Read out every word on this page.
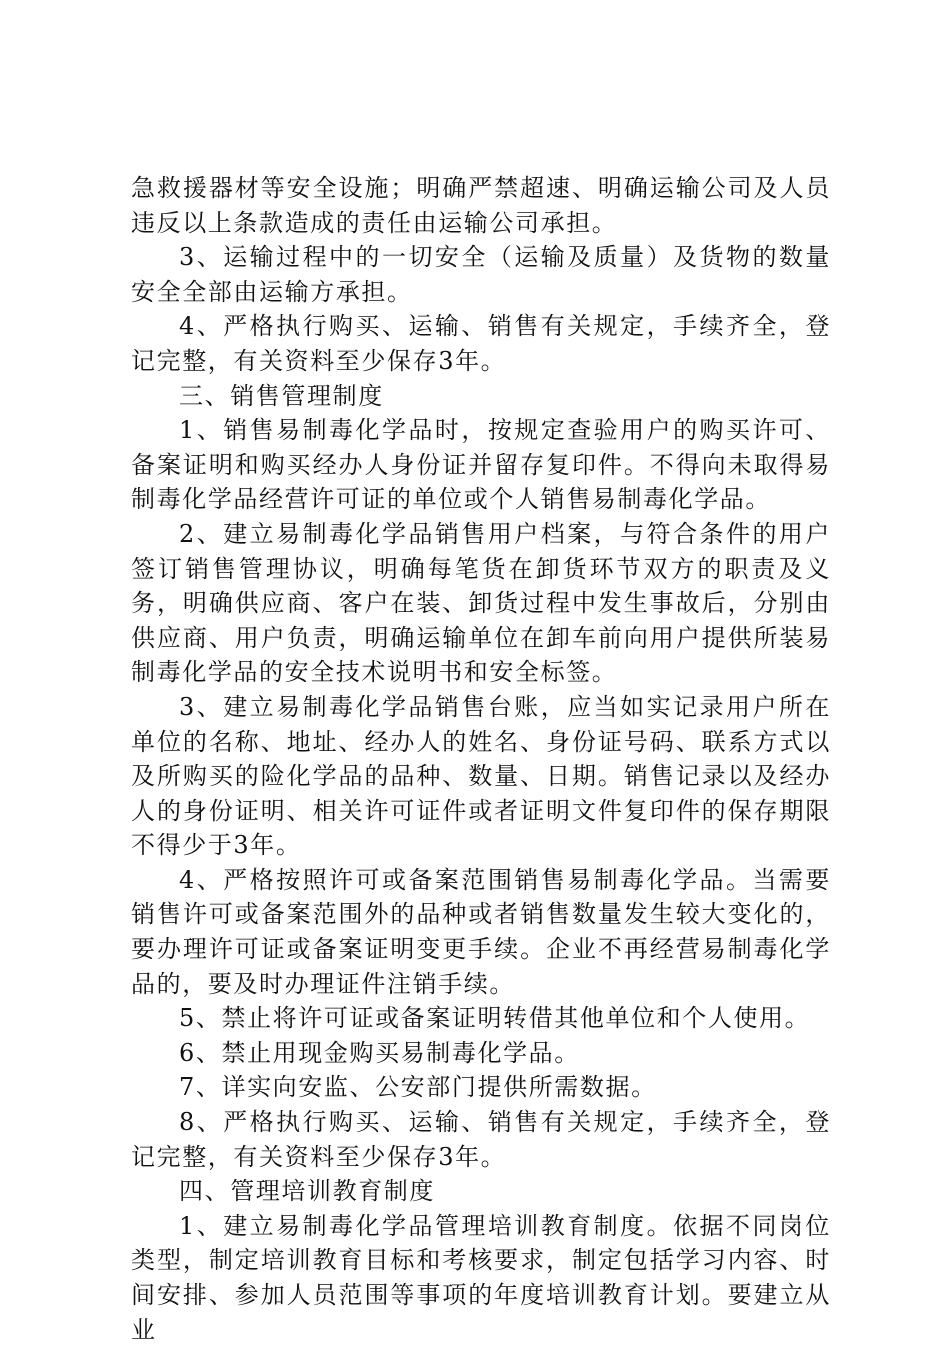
急救援器材等安全设施；明确严禁超速、明确运输公司及人员违反以上条款造成的责任由运输公司承担。

3、运输过程中的一切安全（运输及质量）及货物的数量安全全部由运输方承担。

4、严格执行购买、运输、销售有关规定，手续齐全，登记完整，有关资料至少保存3年。

三、销售管理制度

1、销售易制毒化学品时，按规定查验用户的购买许可、备案证明和购买经办人身份证并留存复印件。不得向未取得易制毒化学品经营许可证的单位或个人销售易制毒化学品。

2、建立易制毒化学品销售用户档案，与符合条件的用户签订销售管理协议，明确每笔货在卸货环节双方的职责及义务，明确供应商、客户在装、卸货过程中发生事故后，分别由供应商、用户负责，明确运输单位在卸车前向用户提供所装易制毒化学品的安全技术说明书和安全标签。

3、建立易制毒化学品销售台账，应当如实记录用户所在单位的名称、地址、经办人的姓名、身份证号码、联系方式以及所购买的险化学品的品种、数量、日期。销售记录以及经办人的身份证明、相关许可证件或者证明文件复印件的保存期限不得少于3年。

4、严格按照许可或备案范围销售易制毒化学品。当需要销售许可或备案范围外的品种或者销售数量发生较大变化的，要办理许可证或备案证明变更手续。企业不再经营易制毒化学品的，要及时办理证件注销手续。

5、禁止将许可证或备案证明转借其他单位和个人使用。

6、禁止用现金购买易制毒化学品。

7、详实向安监、公安部门提供所需数据。

8、严格执行购买、运输、销售有关规定，手续齐全，登记完整，有关资料至少保存3年。

四、管理培训教育制度

1、建立易制毒化学品管理培训教育制度。依据不同岗位类型，制定培训教育目标和考核要求，制定包括学习内容、时间安排、参加人员范围等事项的年度培训教育计划。要建立从业
